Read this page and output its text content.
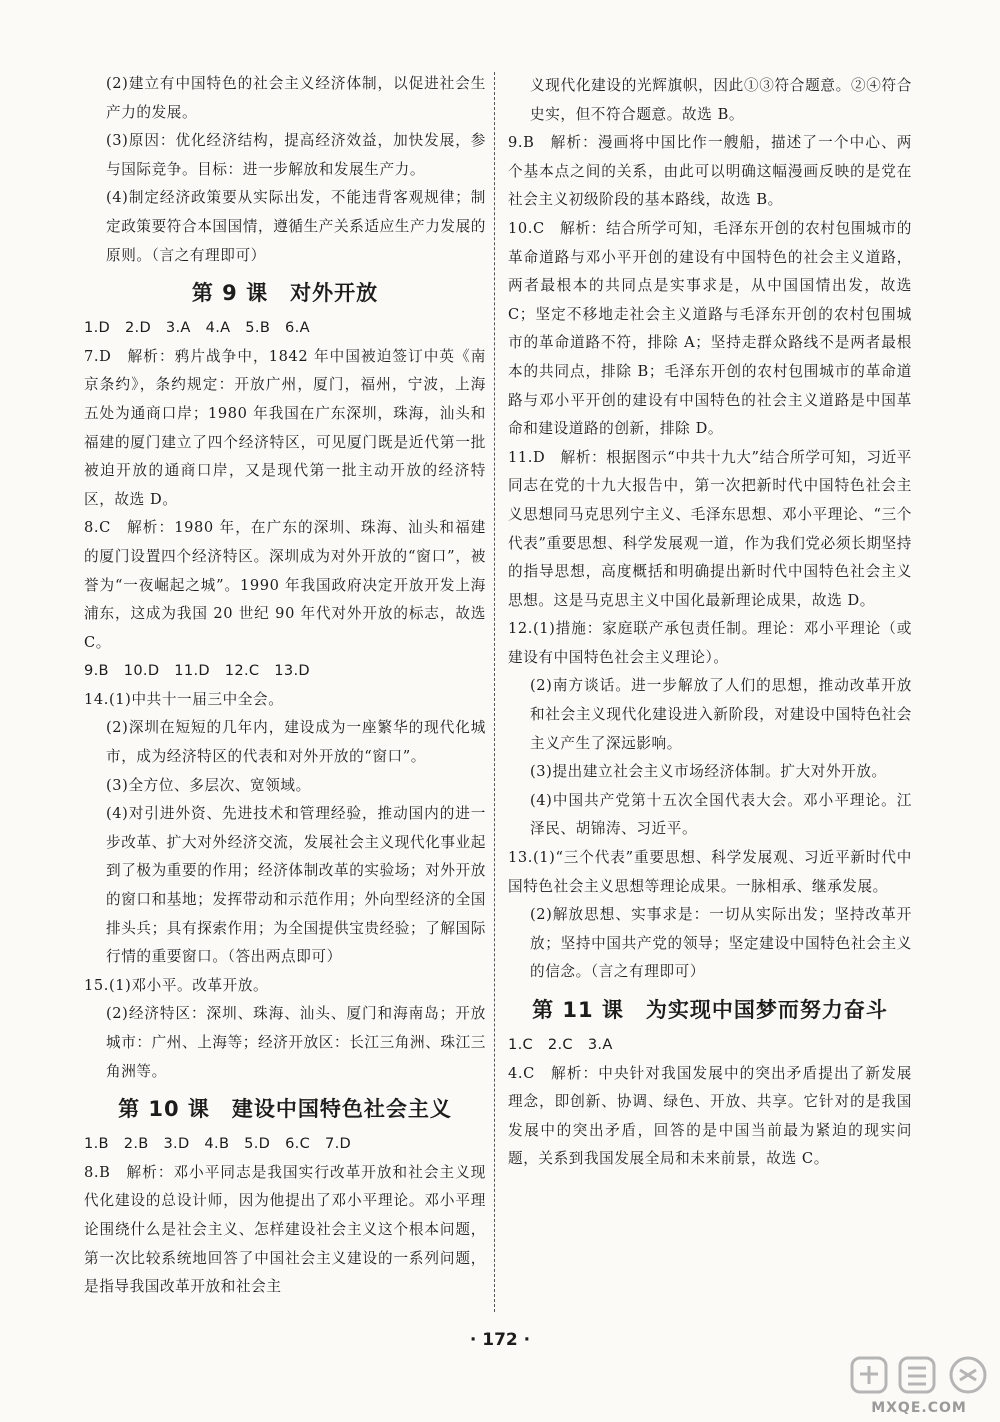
(2)建立有中国特色的社会主义经济体制，以促进社会生产力的发展。

(3)原因：优化经济结构，提高经济效益，加快发展，参与国际竞争。目标：进一步解放和发展生产力。

(4)制定经济政策要从实际出发，不能违背客观规律；制定政策要符合本国国情，遵循生产关系适应生产力发展的原则。（言之有理即可）

第 9 课　对外开放

1.D　2.D　3.A　4.A　5.B　6.A

7.D　解析：鸦片战争中，1842 年中国被迫签订中英《南京条约》，条约规定：开放广州，厦门，福州，宁波，上海五处为通商口岸；1980 年我国在广东深圳，珠海，汕头和福建的厦门建立了四个经济特区，可见厦门既是近代第一批被迫开放的通商口岸，又是现代第一批主动开放的经济特区，故选 D。

8.C　解析：1980 年，在广东的深圳、珠海、汕头和福建的厦门设置四个经济特区。深圳成为对外开放的“窗口”，被誉为“一夜崛起之城”。1990 年我国政府决定开放开发上海浦东，这成为我国 20 世纪 90 年代对外开放的标志，故选 C。

9.B　10.D　11.D　12.C　13.D

14.(1)中共十一届三中全会。

(2)深圳在短短的几年内，建设成为一座繁华的现代化城市，成为经济特区的代表和对外开放的“窗口”。

(3)全方位、多层次、宽领域。

(4)对引进外资、先进技术和管理经验，推动国内的进一步改革、扩大对外经济交流，发展社会主义现代化事业起到了极为重要的作用；经济体制改革的实验场；对外开放的窗口和基地；发挥带动和示范作用；外向型经济的全国排头兵；具有探索作用；为全国提供宝贵经验；了解国际行情的重要窗口。（答出两点即可）

15.(1)邓小平。改革开放。

(2)经济特区：深圳、珠海、汕头、厦门和海南岛；开放城市：广州、上海等；经济开放区：长江三角洲、珠江三角洲等。

第 10 课　建设中国特色社会主义

1.B　2.B　3.D　4.B　5.D　6.C　7.D

8.B　解析：邓小平同志是我国实行改革开放和社会主义现代化建设的总设计师，因为他提出了邓小平理论。邓小平理论围绕什么是社会主义、怎样建设社会主义这个根本问题，第一次比较系统地回答了中国社会主义建设的一系列问题，是指导我国改革开放和社会主

义现代化建设的光辉旗帜，因此①③符合题意。②④符合史实，但不符合题意。故选 B。

9.B　解析：漫画将中国比作一艘船，描述了一个中心、两个基本点之间的关系，由此可以明确这幅漫画反映的是党在社会主义初级阶段的基本路线，故选 B。

10.C　解析：结合所学可知，毛泽东开创的农村包围城市的革命道路与邓小平开创的建设有中国特色的社会主义道路，两者最根本的共同点是实事求是，从中国国情出发，故选 C；坚定不移地走社会主义道路与毛泽东开创的农村包围城市的革命道路不符，排除 A；坚持走群众路线不是两者最根本的共同点，排除 B；毛泽东开创的农村包围城市的革命道路与邓小平开创的建设有中国特色的社会主义道路是中国革命和建设道路的创新，排除 D。

11.D　解析：根据图示“中共十九大”结合所学可知，习近平同志在党的十九大报告中，第一次把新时代中国特色社会主义思想同马克思列宁主义、毛泽东思想、邓小平理论、“三个代表”重要思想、科学发展观一道，作为我们党必须长期坚持的指导思想，高度概括和明确提出新时代中国特色社会主义思想。这是马克思主义中国化最新理论成果，故选 D。

12.(1)措施：家庭联产承包责任制。理论：邓小平理论（或建设有中国特色社会主义理论）。

(2)南方谈话。进一步解放了人们的思想，推动改革开放和社会主义现代化建设进入新阶段，对建设中国特色社会主义产生了深远影响。

(3)提出建立社会主义市场经济体制。扩大对外开放。

(4)中国共产党第十五次全国代表大会。邓小平理论。江泽民、胡锦涛、习近平。

13.(1)“三个代表”重要思想、科学发展观、习近平新时代中国特色社会主义思想等理论成果。一脉相承、继承发展。

(2)解放思想、实事求是：一切从实际出发；坚持改革开放；坚持中国共产党的领导；坚定建设中国特色社会主义的信念。（言之有理即可）

第 11 课　为实现中国梦而努力奋斗

1.C　2.C　3.A

4.C　解析：中央针对我国发展中的突出矛盾提出了新发展理念，即创新、协调、绿色、开放、共享。它针对的是我国发展中的突出矛盾，回答的是中国当前最为紧迫的现实问题，关系到我国发展全局和未来前景，故选 C。

· 172 ·
MXQE.COM
